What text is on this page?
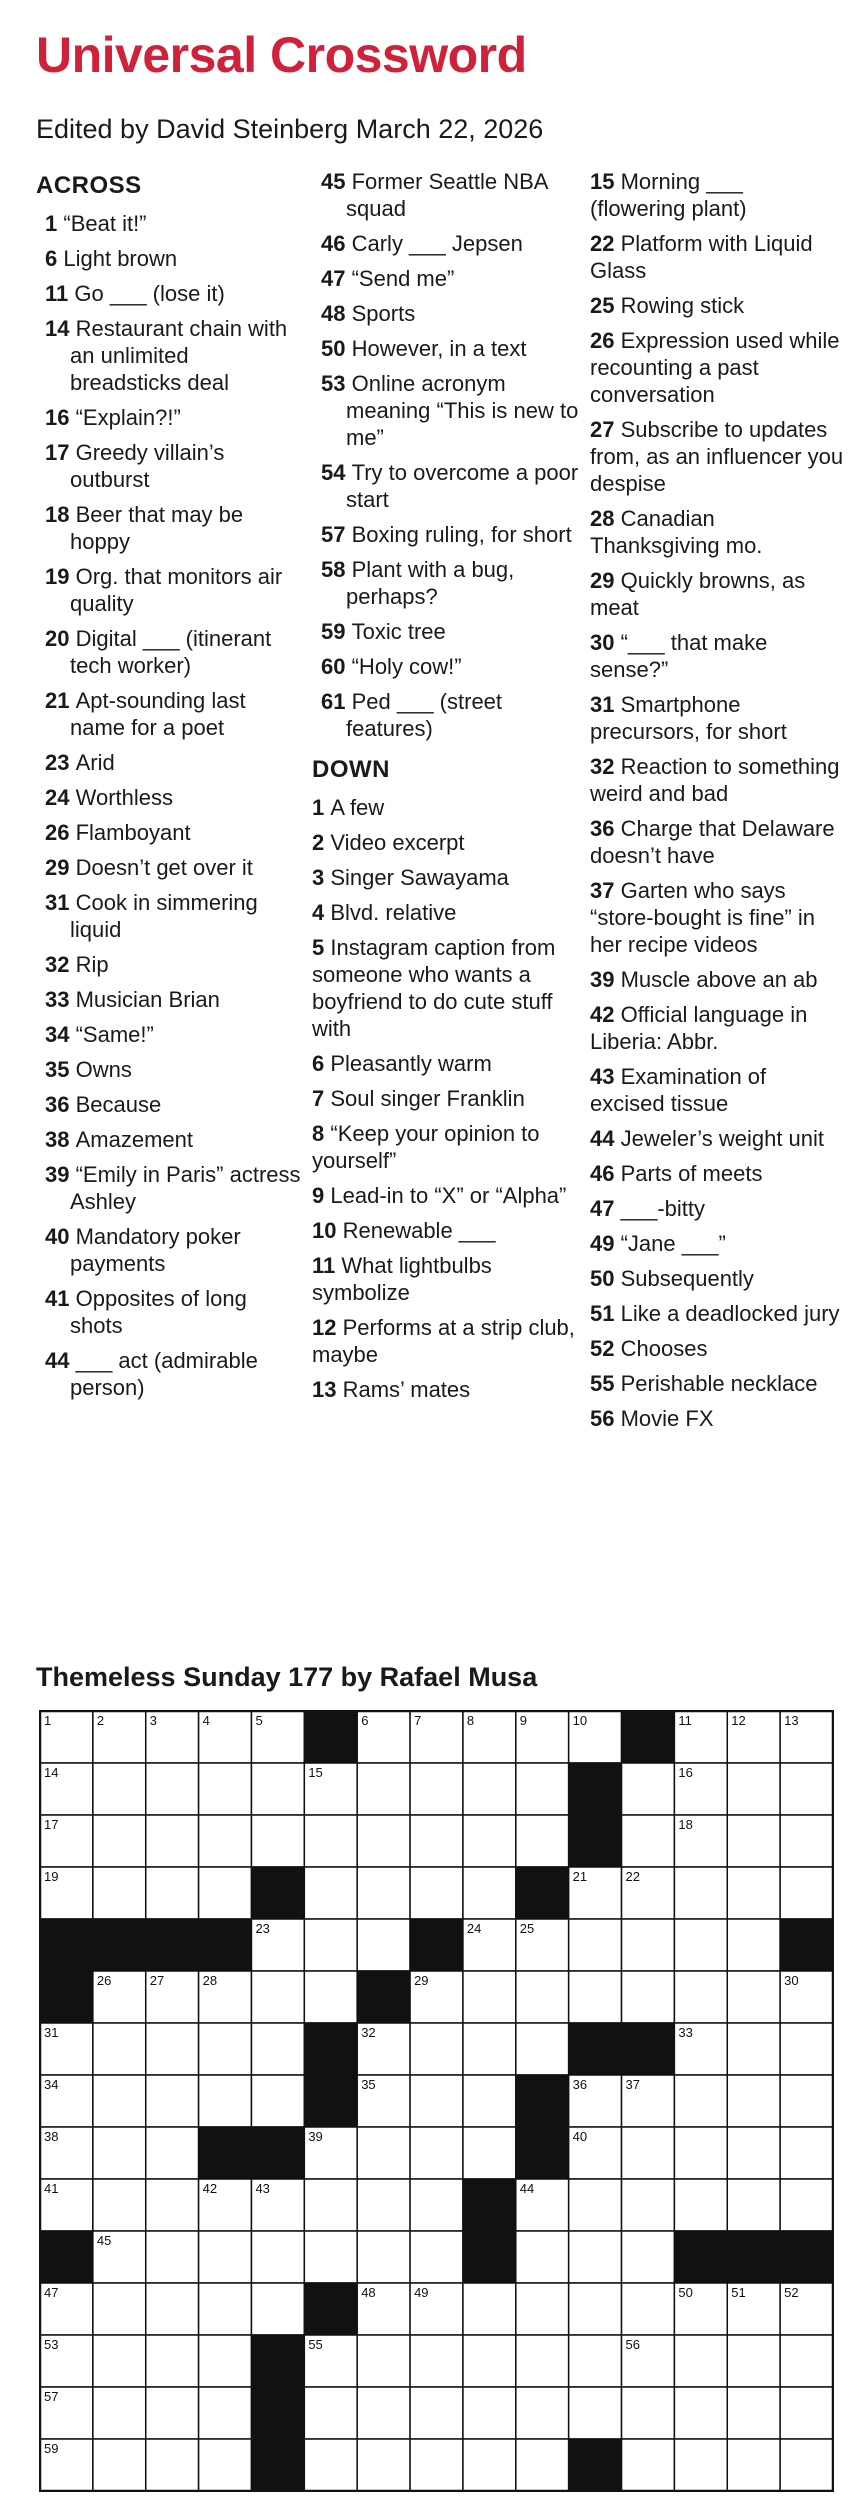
Universal Crossword
Edited by David Steinberg March 22, 2026
ACROSS
1 “Beat it!”
6 Light brown
11 Go ___ (lose it)
14 Restaurant chain with an unlimited breadsticks deal
16 “Explain?!”
17 Greedy villain’s outburst
18 Beer that may be hoppy
19 Org. that monitors air quality
20 Digital ___ (itinerant tech worker)
21 Apt-sounding last name for a poet
23 Arid
24 Worthless
26 Flamboyant
29 Doesn’t get over it
31 Cook in simmering liquid
32 Rip
33 Musician Brian
34 “Same!”
35 Owns
36 Because
38 Amazement
39 “Emily in Paris” actress Ashley
40 Mandatory poker payments
41 Opposites of long shots
44 ___ act (admirable person)
45 Former Seattle NBA squad
46 Carly ___ Jepsen
47 “Send me”
48 Sports
50 However, in a text
53 Online acronym meaning “This is new to me”
54 Try to overcome a poor start
57 Boxing ruling, for short
58 Plant with a bug, perhaps?
59 Toxic tree
60 “Holy cow!”
61 Ped ___ (street features)
DOWN
1 A few
2 Video excerpt
3 Singer Sawayama
4 Blvd. relative
5 Instagram caption from someone who wants a boyfriend to do cute stuff with
6 Pleasantly warm
7 Soul singer Franklin
8 “Keep your opinion to yourself”
9 Lead-in to “X” or “Alpha”
10 Renewable ___
11 What lightbulbs symbolize
12 Performs at a strip club, maybe
13 Rams’ mates
15 Morning ___ (flowering plant)
22 Platform with Liquid Glass
25 Rowing stick
26 Expression used while recounting a past conversation
27 Subscribe to updates from, as an influencer you despise
28 Canadian Thanksgiving mo.
29 Quickly browns, as meat
30 “___ that make sense?”
31 Smartphone precursors, for short
32 Reaction to something weird and bad
36 Charge that Delaware doesn’t have
37 Garten who says “store-bought is fine” in her recipe videos
39 Muscle above an ab
42 Official language in Liberia: Abbr.
43 Examination of excised tissue
44 Jeweler’s weight unit
46 Parts of meets
47 ___-bitty
49 “Jane ___”
50 Subsequently
51 Like a deadlocked jury
52 Chooses
55 Perishable necklace
56 Movie FX
Themeless Sunday 177 by Rafael Musa
1	2	3	4	5	6	7	8	9	10	11	12	13
14	15	16
17	18
19	20	21	22
23	24	25
26	27	28	29	30
31	32	33
34	35	36	37
38	39	40
41	42	43	44
45	46
47	48	49	50	51	52
53	54	55	56
57	58
59	60	61
